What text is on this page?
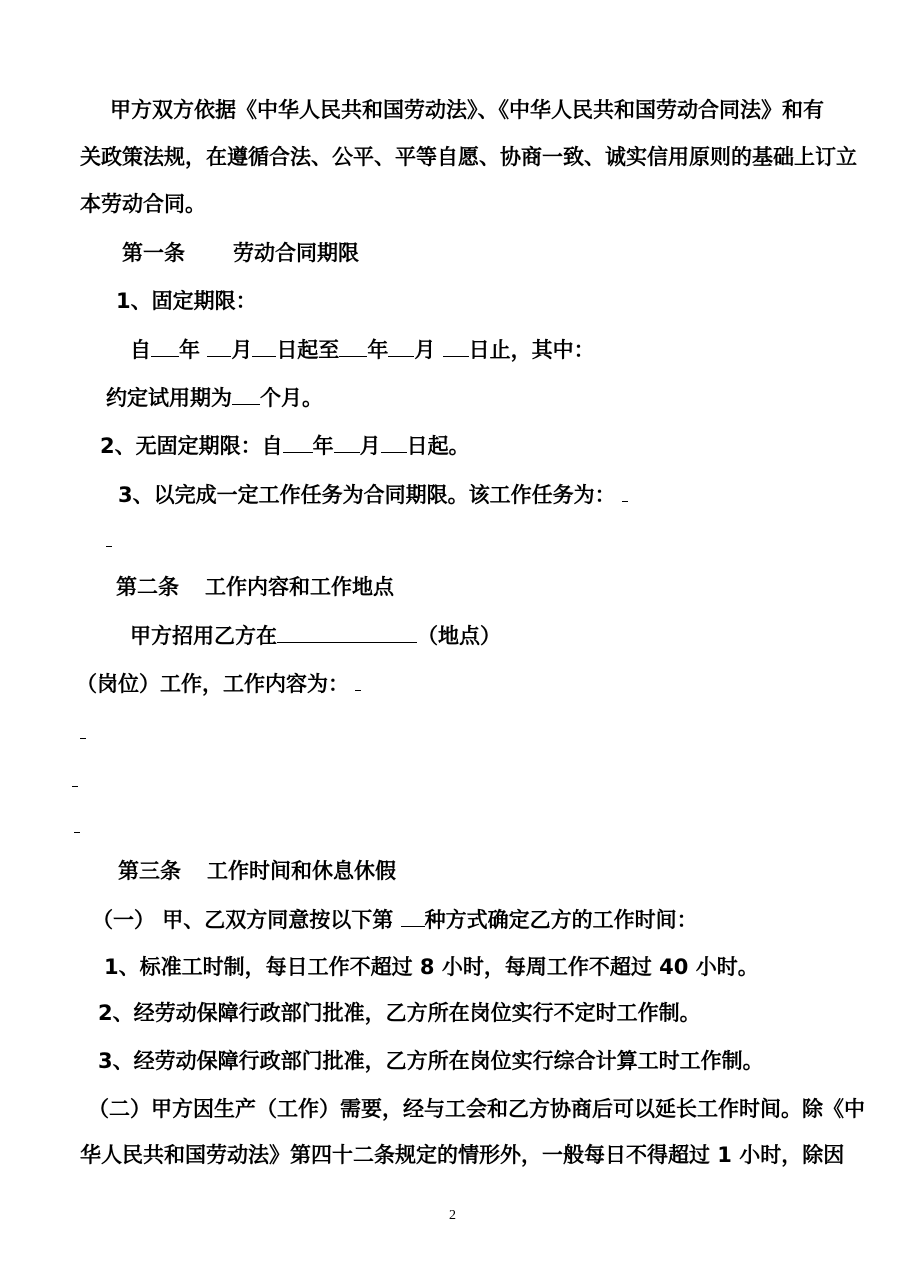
甲方双方依据《中华人民共和国劳动法》、《中华人民共和国劳动合同法》和有
关政策法规，在遵循合法、公平、平等自愿、协商一致、诚实信用原则的基础上订立
本劳动合同。
第一条 劳动合同期限
1、固定期限：
自 年 月 日起至 年 月 日止，其中：
约定试用期为 个月。
2、无固定期限：自 年 月 日起。
3、以完成一定工作任务为合同期限。该工作任务为：
第二条 工作内容和工作地点
甲方招用乙方在	（地点）
（岗位）工作，工作内容为：
第三条 工作时间和休息休假
（一） 甲、乙双方同意按以下第 种方式确定乙方的工作时间：
1、标准工时制，每日工作不超过 8 小时，每周工作不超过 40 小时。
2、经劳动保障行政部门批准，乙方所在岗位实行不定时工作制。
3、经劳动保障行政部门批准，乙方所在岗位实行综合计算工时工作制。
（二）甲方因生产（工作）需要，经与工会和乙方协商后可以延长工作时间。除《中
华人民共和国劳动法》第四十二条规定的情形外，一般每日不得超过 1 小时，除因
2
